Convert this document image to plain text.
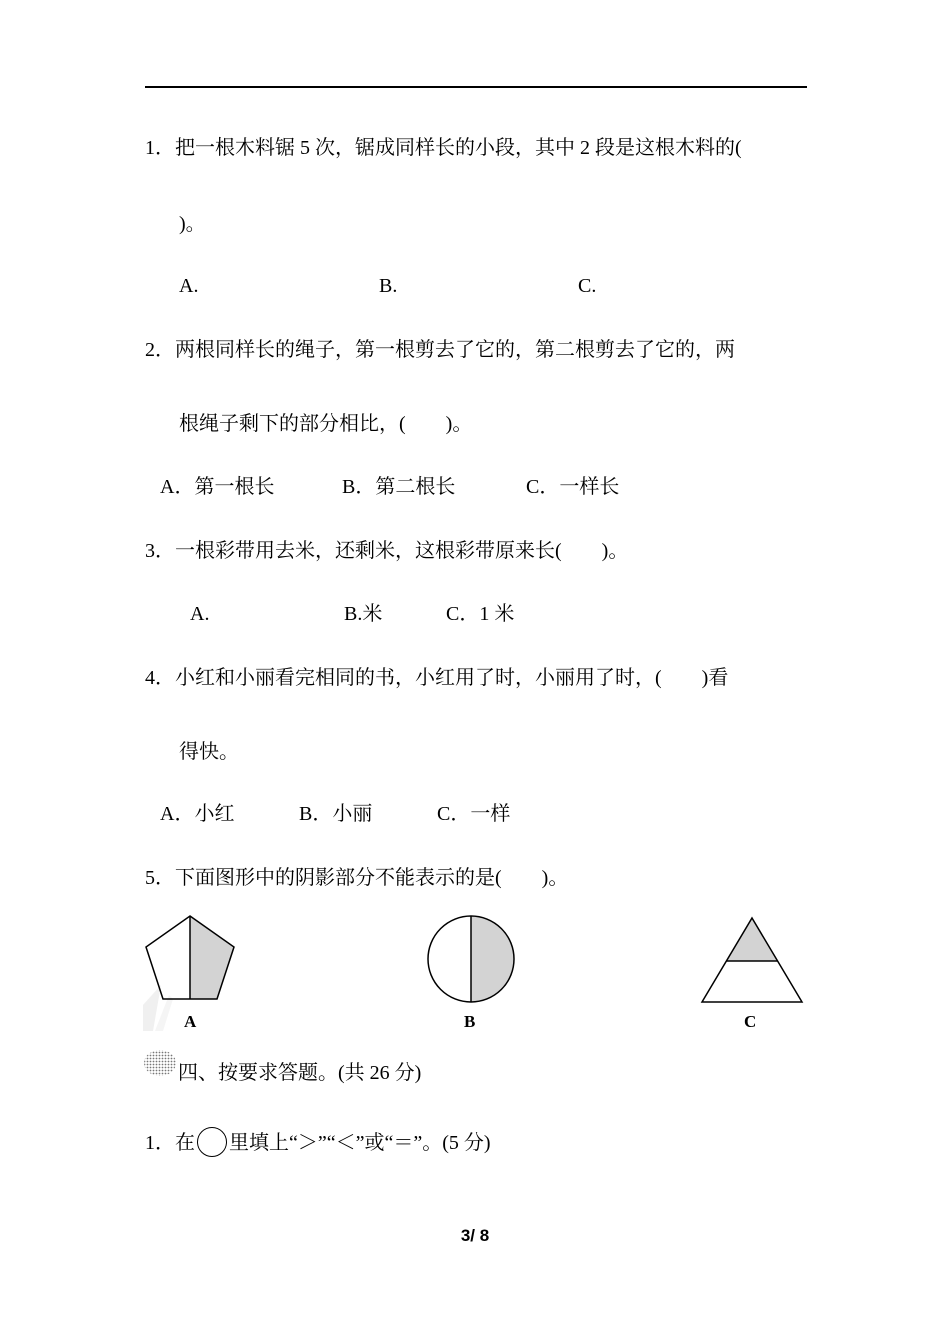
1．把一根木料锯 5 次，锯成同样长的小段，其中 2 段是这根木料的(
)。
A.	B.	C.
2．两根同样长的绳子，第一根剪去了它的，第二根剪去了它的，两
根绳子剩下的部分相比，(　　)。
A．第一根长	B．第二根长	C．一样长
3．一根彩带用去米，还剩米，这根彩带原来长(　　)。
A.	B.米	C．1 米
4．小红和小丽看完相同的书，小红用了时，小丽用了时，(　　)看
得快。
A．小红	B．小丽	C．一样
5．下面图形中的阴影部分不能表示的是(　　)。
A	B	C
四、按要求答题。(共 26 分)
1．在 里填上“＞”“＜”或“＝”。(5 分)
3/ 8
